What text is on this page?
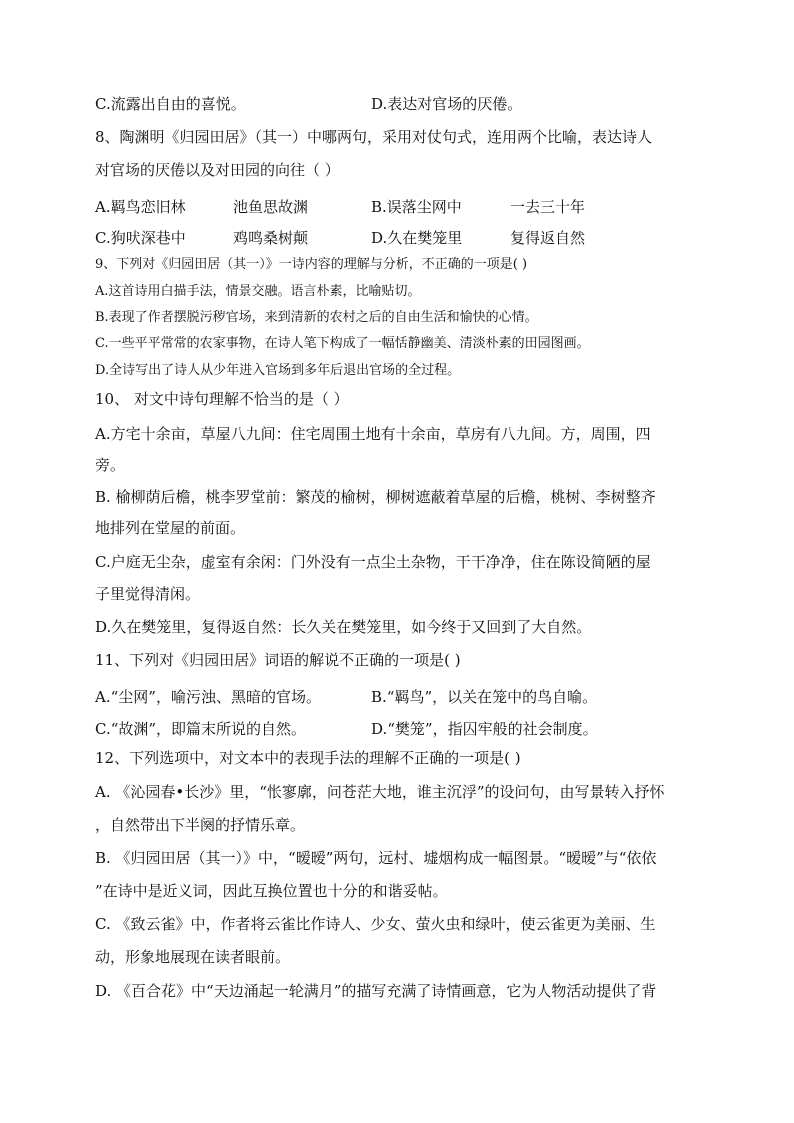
C.流露出自由的喜悦。	D.表达对官场的厌倦。
8、陶渊明《归园田居》（其一）中哪两句，采用对仗句式，连用两个比喻，表达诗人
对官场的厌倦以及对田园的向往（ ）
A.羁鸟恋旧林	池鱼思故渊	B.误落尘网中	一去三十年
C.狗吠深巷中	鸡鸣桑树颠	D.久在樊笼里	复得返自然
9、下列对《归园田居（其一）》一诗内容的理解与分析，不正确的一项是( )
A.这首诗用白描手法，情景交融。语言朴素，比喻贴切。
B.表现了作者摆脱污秽官场，来到清新的农村之后的自由生活和愉快的心情。
C.一些平平常常的农家事物，在诗人笔下构成了一幅恬静幽美、清淡朴素的田园图画。
D.全诗写出了诗人从少年进入官场到多年后退出官场的全过程。
10、 对文中诗句理解不恰当的是（ ）
A.方宅十余亩，草屋八九间：住宅周围土地有十余亩，草房有八九间。方，周围，四
旁。
B. 榆柳荫后檐，桃李罗堂前：繁茂的榆树，柳树遮蔽着草屋的后檐，桃树、李树整齐
地排列在堂屋的前面。
C.户庭无尘杂，虚室有余闲：门外没有一点尘土杂物，干干净净，住在陈设简陋的屋
子里觉得清闲。
D.久在樊笼里，复得返自然：长久关在樊笼里，如今终于又回到了大自然。
11、下列对《归园田居》词语的解说不正确的一项是( )
A.“尘网”，喻污浊、黑暗的官场。	B.“羁鸟”，以关在笼中的鸟自喻。
C.“故渊”，即篇末所说的自然。	D.“樊笼”，指囚牢般的社会制度。
12、下列选项中，对文本中的表现手法的理解不正确的一项是( )
A. 《沁园春•长沙》里，“怅寥廓，问苍茫大地，谁主沉浮”的设问句，由写景转入抒怀
，自然带出下半阕的抒情乐章。
B. 《归园田居（其一）》中，“暧暧”两句，远村、墟烟构成一幅图景。“暧暧”与“依依
”在诗中是近义词，因此互换位置也十分的和谐妥帖。
C. 《致云雀》中，作者将云雀比作诗人、少女、萤火虫和绿叶，使云雀更为美丽、生
动，形象地展现在读者眼前。
D. 《百合花》中“天边涌起一轮满月”的描写充满了诗情画意，它为人物活动提供了背
